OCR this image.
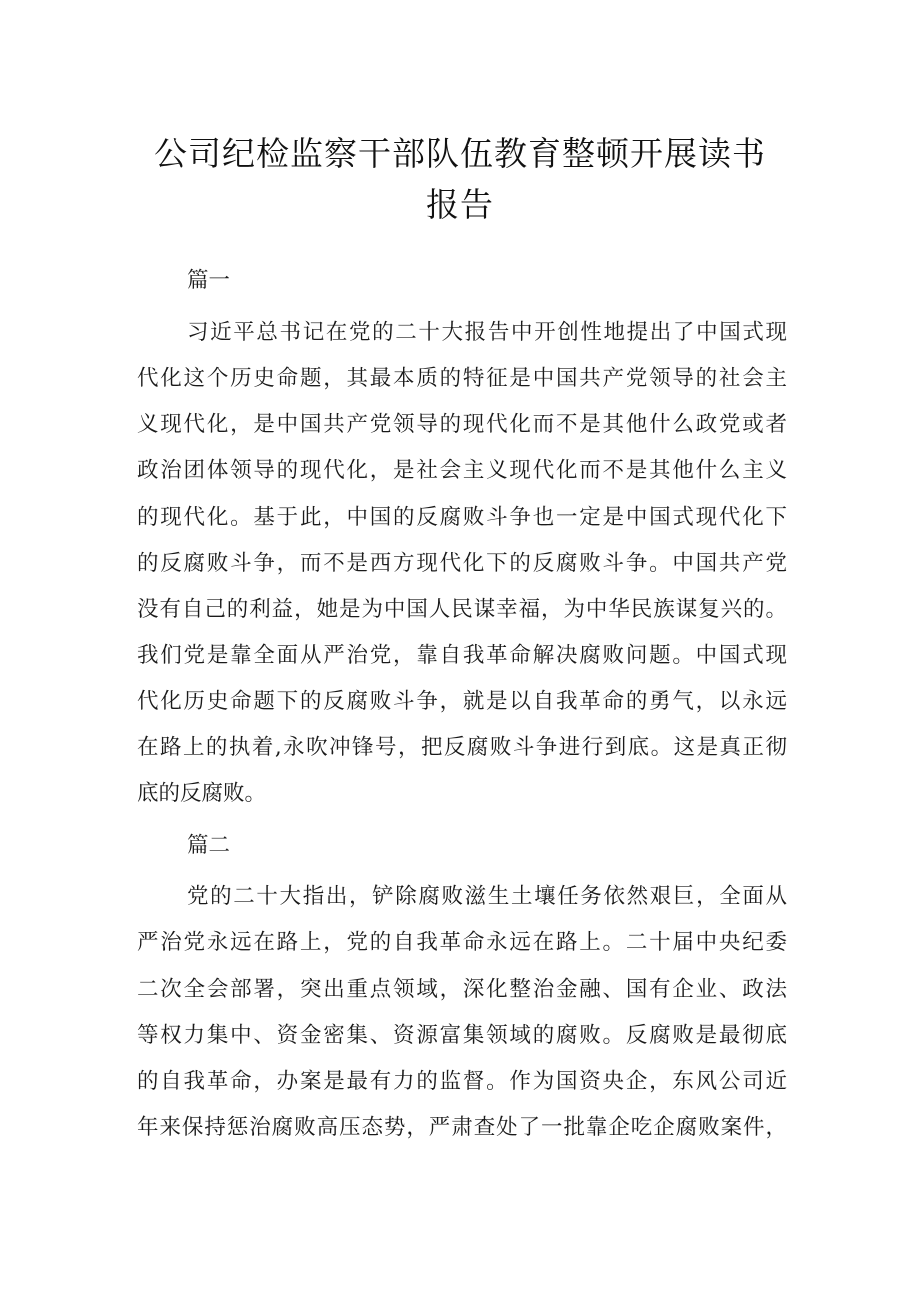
公司纪检监察干部队伍教育整顿开展读书
报告
篇一
习近平总书记在党的二十大报告中开创性地提出了中国式现
代化这个历史命题，其最本质的特征是中国共产党领导的社会主
义现代化，是中国共产党领导的现代化而不是其他什么政党或者
政治团体领导的现代化，是社会主义现代化而不是其他什么主义
的现代化。基于此，中国的反腐败斗争也一定是中国式现代化下
的反腐败斗争，而不是西方现代化下的反腐败斗争。中国共产党
没有自己的利益，她是为中国人民谋幸福，为中华民族谋复兴的。
我们党是靠全面从严治党，靠自我革命解决腐败问题。中国式现
代化历史命题下的反腐败斗争，就是以自我革命的勇气，以永远
在路上的执着,永吹冲锋号，把反腐败斗争进行到底。这是真正彻
底的反腐败。
篇二
党的二十大指出，铲除腐败滋生土壤任务依然艰巨，全面从
严治党永远在路上，党的自我革命永远在路上。二十届中央纪委
二次全会部署，突出重点领域，深化整治金融、国有企业、政法
等权力集中、资金密集、资源富集领域的腐败。反腐败是最彻底
的自我革命，办案是最有力的监督。作为国资央企，东风公司近
年来保持惩治腐败高压态势，严肃查处了一批靠企吃企腐败案件，
